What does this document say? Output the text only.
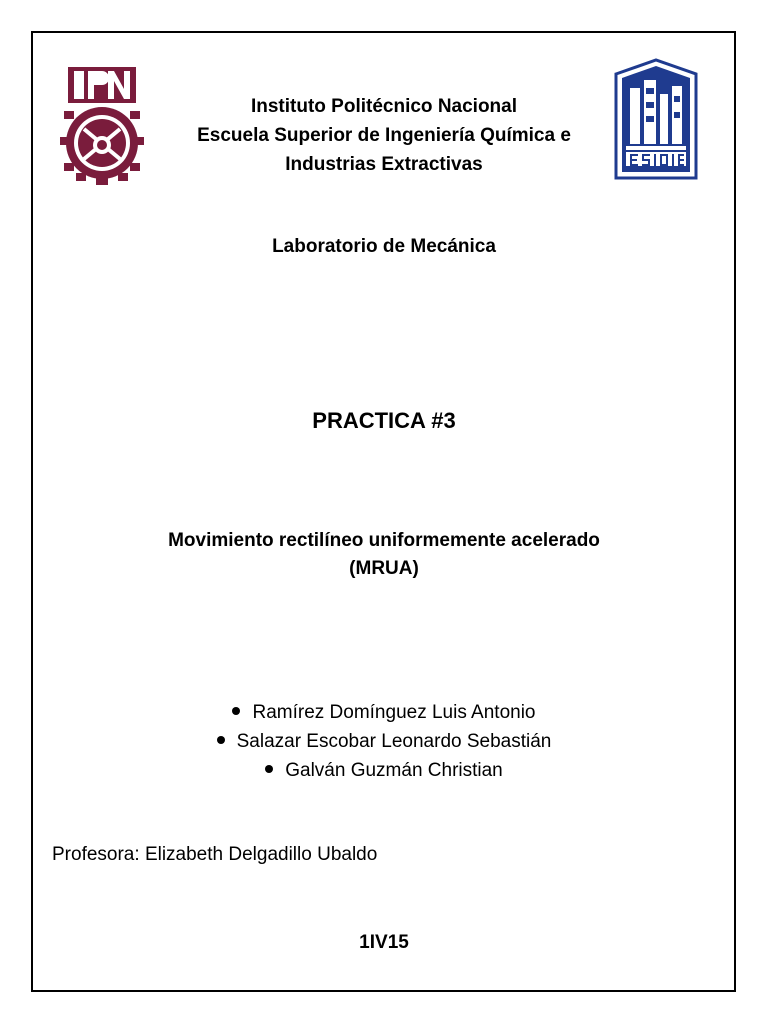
Instituto Politécnico Nacional
Escuela Superior de Ingeniería Química e
Industrias Extractivas
Laboratorio de Mecánica
PRACTICA #3
Movimiento rectilíneo uniformemente acelerado
(MRUA)
Ramírez Domínguez Luis Antonio
Salazar Escobar Leonardo Sebastián
Galván Guzmán Christian
Profesora: Elizabeth Delgadillo Ubaldo
1IV15
